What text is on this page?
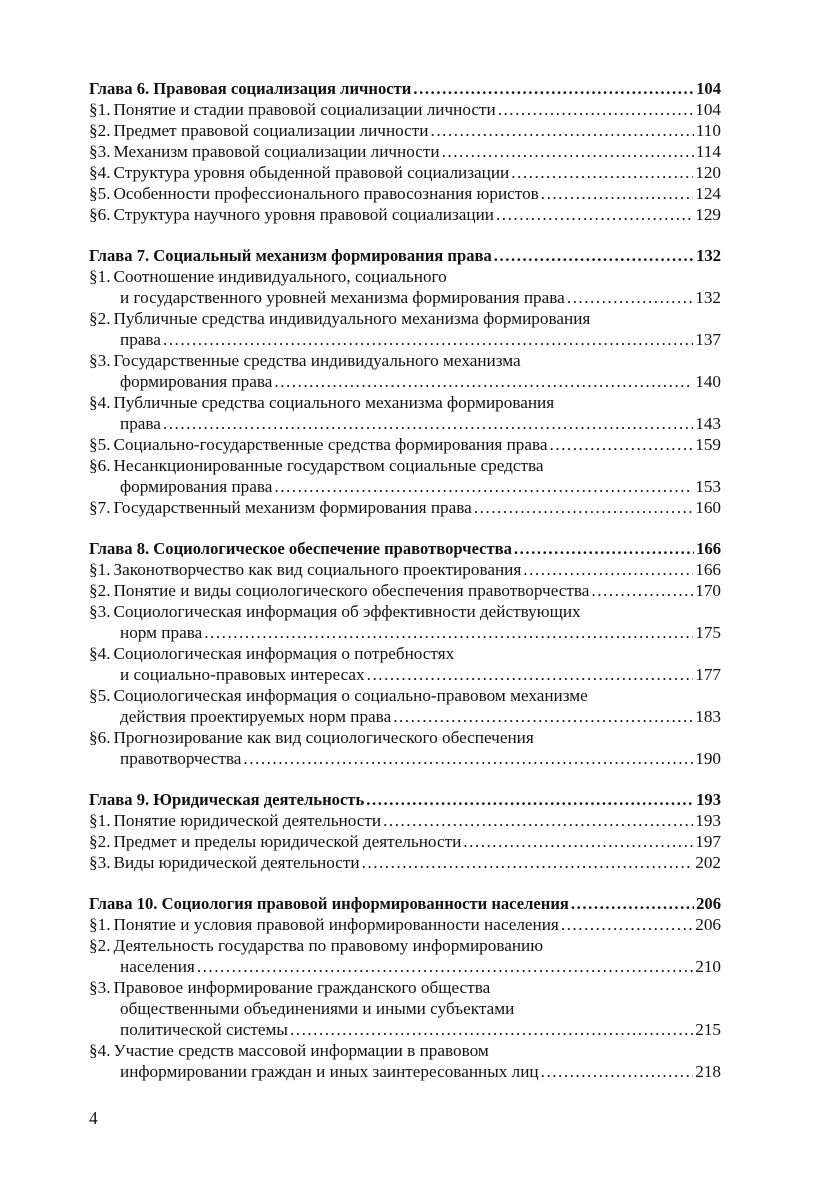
Глава 6. Правовая социализация личности .....	104
§1. Понятие и стадии правовой социализации личности .....	104
§2. Предмет правовой социализации личности .....	110
§3. Механизм правовой социализации личности .....	114
§4. Структура уровня обыденной правовой социализации .....	120
§5. Особенности профессионального правосознания юристов .....	124
§6. Структура научного уровня правовой социализации .....	129
Глава 7. Социальный механизм формирования права .....	132
§1. Соотношение индивидуального, социального
и государственного уровней механизма формирования права .....	132
§2. Публичные средства индивидуального механизма формирования
права .....	137
§3. Государственные средства индивидуального механизма
формирования права .....	140
§4. Публичные средства социального механизма формирования
права .....	143
§5. Социально-государственные средства формирования права .....	159
§6. Несанкционированные государством социальные средства
формирования права .....	153
§7. Государственный механизм формирования права .....	160
Глава 8. Социологическое обеспечение правотворчества .....	166
§1. Законотворчество как вид социального проектирования .....	166
§2. Понятие и виды социологического обеспечения правотворчества .....	170
§3. Социологическая информация об эффективности действующих
норм права .....	175
§4. Социологическая информация о потребностях
и социально-правовых интересах .....	177
§5. Социологическая информация о социально-правовом механизме
действия проектируемых норм права .....	183
§6. Прогнозирование как вид социологического обеспечения
правотворчества .....	190
Глава 9. Юридическая деятельность .....	193
§1. Понятие юридической деятельности .....	193
§2. Предмет и пределы юридической деятельности .....	197
§3. Виды юридической деятельности .....	202
Глава 10. Социология правовой информированности населения .....	206
§1. Понятие и условия правовой информированности населения .....	206
§2. Деятельность государства по правовому информированию
населения .....	210
§3. Правовое информирование гражданского общества
общественными объединениями и иными субъектами
политической системы .....	215
§4. Участие средств массовой информации в правовом
информировании граждан и иных заинтересованных лиц .....	218
4
